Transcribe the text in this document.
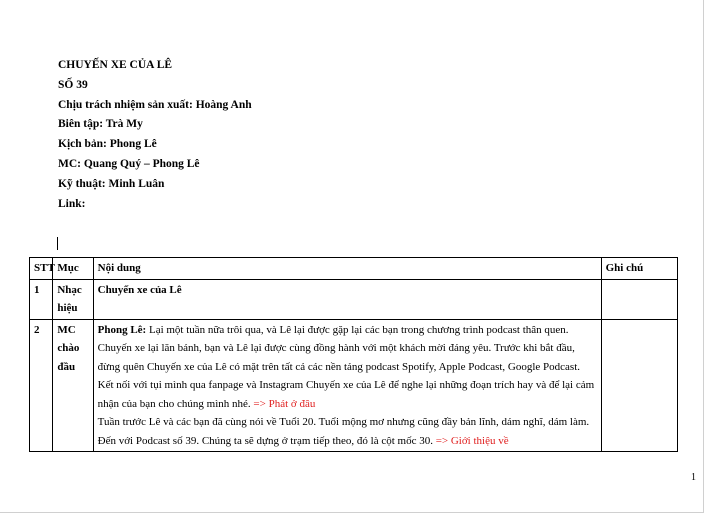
CHUYẾN XE CỦA LÊ
SỐ 39
Chịu trách nhiệm sản xuất: Hoàng Anh
Biên tập: Trà My
Kịch bản: Phong Lê
MC: Quang Quý – Phong Lê
Kỹ thuật: Minh Luân
Link:
STT	Mục	Nội dung	Ghi chú
1	Nhạc hiệu	Chuyến xe của Lê	
2	MC chào đầu	Phong Lê: Lại một tuần nữa trôi qua, và Lê lại được gặp lại các bạn trong chương trình podcast thân quen. Chuyến xe lại lăn bánh, bạn và Lê lại được cùng đồng hành với một khách mời đáng yêu. Trước khi bắt đầu, đừng quên Chuyến xe của Lê có mặt trên tất cả các nền tảng podcast Spotify, Apple Podcast, Google Podcast. Kết nối với tụi mình qua fanpage và Instagram Chuyến xe của Lê để nghe lại những đoạn trích hay và để lại cảm nhận của bạn cho chúng mình nhé. => Phát ở đâu
Tuần trước Lê và các bạn đã cùng nói về Tuổi 20. Tuổi mộng mơ nhưng cũng đầy bản lĩnh, dám nghĩ, dám làm. Đến với Podcast số 39. Chúng ta sẽ dựng ở trạm tiếp theo, đó là cột mốc 30. => Giới thiệu về	
1
